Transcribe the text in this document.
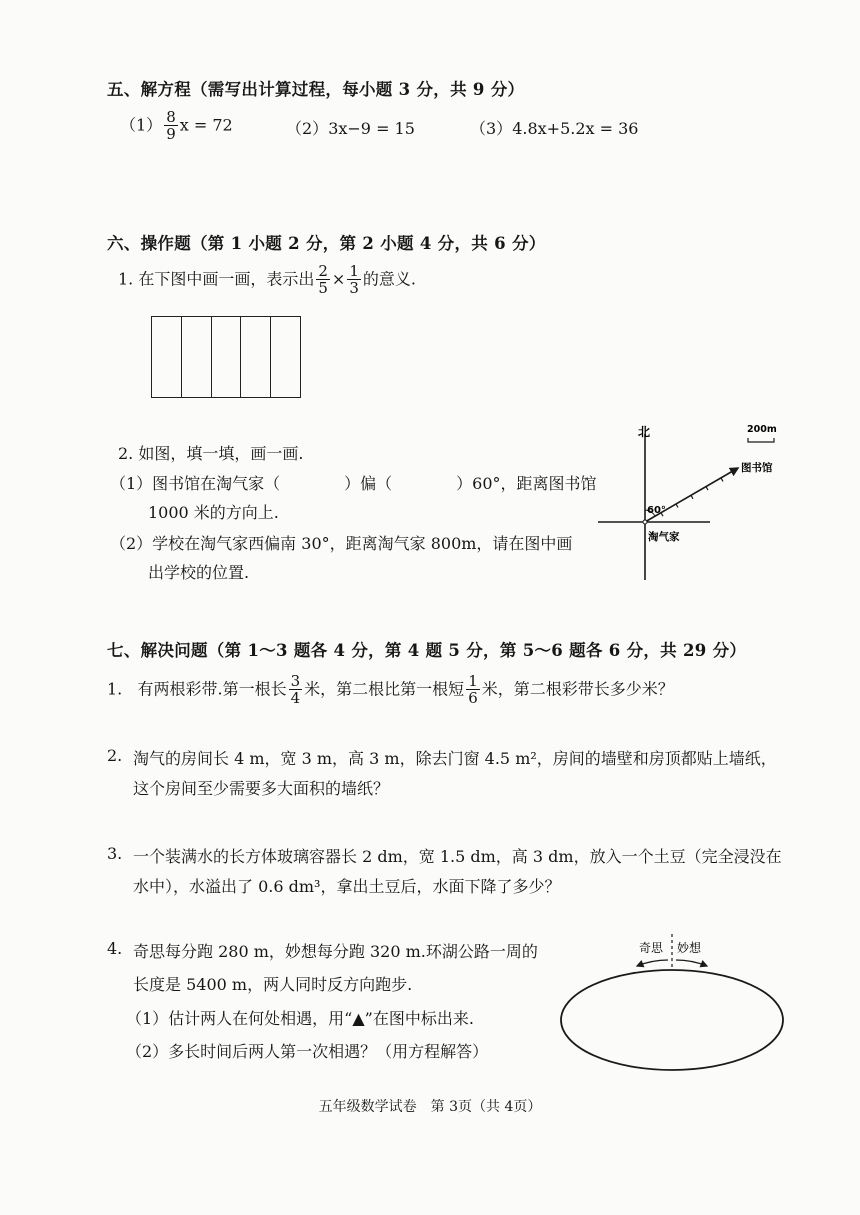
五、解方程（需写出计算过程，每小题 3 分，共 9 分）
$(1) \frac{8}{9}$ x = 72	（2）3x−9 = 15	（3）4.8x+5.2x = 36
六、操作题（第 1 小题 2 分，第 2 小题 4 分，共 6 分）
1. 在下图中画一画，表示出 $\frac{2}{5} \times \frac{1}{3}$ 的意义.
2. 如图，填一填，画一画.
（1）图书馆在淘气家（　　　　）偏（　　　　）60°，距离图书馆
1000 米的方向上.
（2）学校在淘气家西偏南 30°，距离淘气家 800m，请在图中画
出学校的位置.
北	200m
图书馆
60°
淘气家
七、解决问题（第 1～3 题各 4 分，第 4 题 5 分，第 5～6 题各 6 分，共 29 分）
1. 有两根彩带.第一根长 $\frac{3}{4}$ 米，第二根比第一根短 $\frac{1}{6}$ 米，第二根彩带长多少米？
2. 淘气的房间长 4 m，宽 3 m，高 3 m，除去门窗 4.5 m²，房间的墙壁和房顶都贴上墙纸，
这个房间至少需要多大面积的墙纸？
3. 一个装满水的长方体玻璃容器长 2 dm，宽 1.5 dm，高 3 dm，放入一个土豆（完全浸没在
水中），水溢出了 0.6 dm³，拿出土豆后，水面下降了多少？
4. 奇思每分跑 280 m，妙想每分跑 320 m.环湖公路一周的
长度是 5400 m，两人同时反方向跑步.
（1）估计两人在何处相遇，用“▲”在图中标出来.
（2）多长时间后两人第一次相遇？（用方程解答）
奇思 妙想
五年级数学试卷　第 3页（共 4页）
